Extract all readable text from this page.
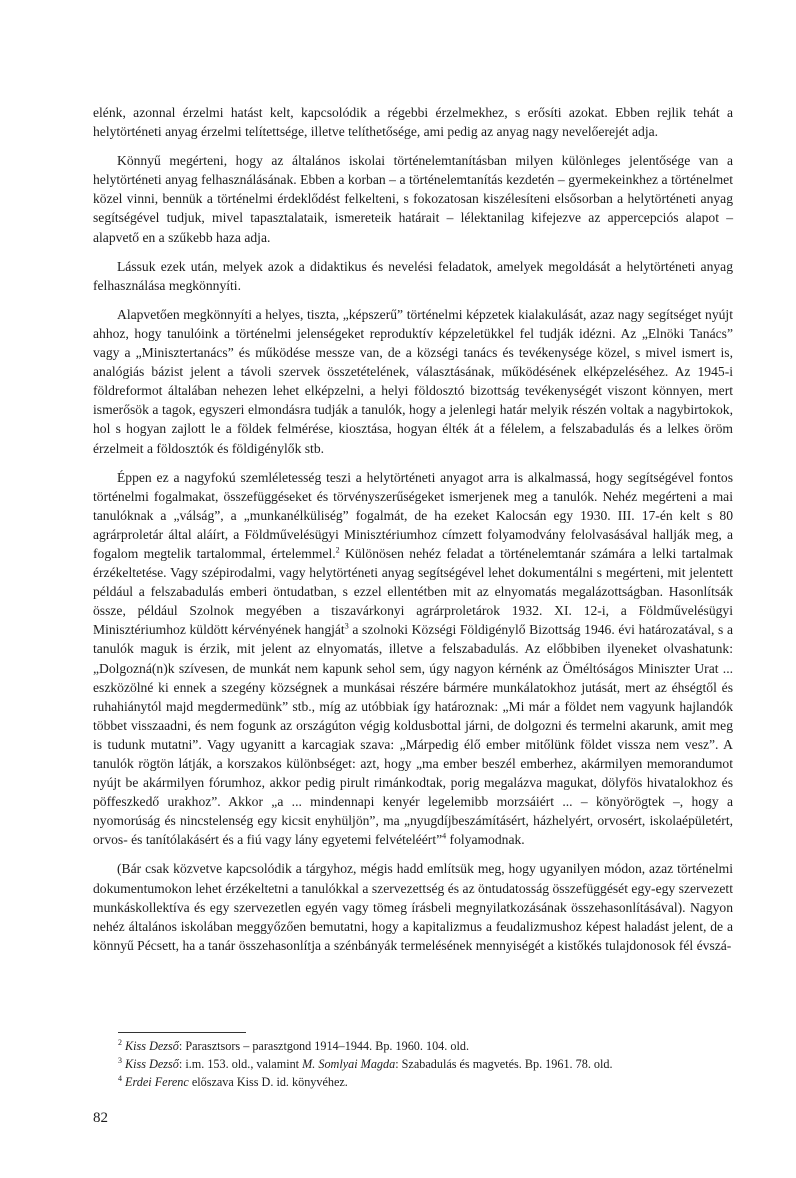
elénk, azonnal érzelmi hatást kelt, kapcsolódik a régebbi érzelmekhez, s erősíti azokat. Ebben rejlik tehát a helytörténeti anyag érzelmi telítettsége, illetve telíthetősége, ami pedig az anyag nagy nevelőerejét adja.

Könnyű megérteni, hogy az általános iskolai történelemtanításban milyen különleges jelentősége van a helytörténeti anyag felhasználásának. Ebben a korban – a történelemtanítás kezdetén – gyermekeinkhez a történelmet közel vinni, bennük a történelmi érdeklődést felkelteni, s fokozatosan kiszélesíteni elsősorban a helytörténeti anyag segítségével tudjuk, mivel tapasztalataik, ismereteik határait – lélektanilag kifejezve az appercepciós alapot – alapvető en a szűkebb haza adja.

Lássuk ezek után, melyek azok a didaktikus és nevelési feladatok, amelyek megoldását a helytörténeti anyag felhasználása megkönnyíti.

Alapvetően megkönnyíti a helyes, tiszta, „képszerű” történelmi képzetek kialakulását, azaz nagy segítséget nyújt ahhoz, hogy tanulóink a történelmi jelenségeket reproduktív képzeletükkel fel tudják idézni. Az „Elnöki Tanács” vagy a „Minisztertanács” és működése messze van, de a községi tanács és tevékenysége közel, s mivel ismert is, analógiás bázist jelent a távoli szervek összetételének, választásának, működésének elképzeléséhez. Az 1945-i földreformot általában nehezen lehet elképzelni, a helyi földosztó bizottság tevékenységét viszont könnyen, mert ismerősök a tagok, egyszeri elmondásra tudják a tanulók, hogy a jelenlegi határ melyik részén voltak a nagybirtokok, hol s hogyan zajlott le a földek felmérése, kiosztása, hogyan élték át a félelem, a felszabadulás és a lelkes öröm érzelmeit a földosztók és földigénylők stb.

Éppen ez a nagyfokú szemléletesség teszi a helytörténeti anyagot arra is alkalmassá, hogy segítségével fontos történelmi fogalmakat, összefüggéseket és törvényszerűségeket ismerjenek meg a tanulók. Nehéz megérteni a mai tanulóknak a „válság”, a „munkanélküliség” fogalmát, de ha ezeket Kalocsán egy 1930. III. 17-én kelt s 80 agrárproletár által aláírt, a Földművelésügyi Minisztériumhoz címzett folyamodvány felolvasásával hallják meg, a fogalom megtelik tartalommal, értelemmel.$^2$ Különösen nehéz feladat a történelemtanár számára a lelki tartalmak érzékeltetése. Vagy szépirodalmi, vagy helytörténeti anyag segítségével lehet dokumentálni s megérteni, mit jelentett például a felszabadulás emberi öntudatban, s ezzel ellentétben mit az elnyomatás megalázottságban. Hasonlítsák össze, például Szolnok megyében a tiszavárkonyi agrárproletárok 1932. XI. 12-i, a Földművelésügyi Minisztériumhoz küldött kérvényének hangját$^3$ a szolnoki Községi Földigénylő Bizottság 1946. évi határozatával, s a tanulók maguk is érzik, mit jelent az elnyomatás, illetve a felszabadulás. Az előbbiben ilyeneket olvashatunk: „Dolgozná(n)k szívesen, de munkát nem kapunk sehol sem, úgy nagyon kérnénk az Öméltóságos Miniszter Urat ... eszközölné ki ennek a szegény községnek a munkásai részére bármére munkálatokhoz jutását, mert az éhségtől és ruhahiánytól majd megdermedünk” stb., míg az utóbbiak így határoznak: „Mi már a földet nem vagyunk hajlandók többet visszaadni, és nem fogunk az országúton végig koldusbottal járni, de dolgozni és termelni akarunk, amit meg is tudunk mutatni”. Vagy ugyanitt a karcagiak szava: „Márpedig élő ember mitőlünk földet vissza nem vesz”. A tanulók rögtön látják, a korszakos különbséget: azt, hogy „ma ember beszél emberhez, akármilyen memorandumot nyújt be akármilyen fórumhoz, akkor pedig pirult rimánkodtak, porig megalázva magukat, dölyfös hivatalokhoz és pöffeszkedő urakhoz”. Akkor „a ... mindennapi kenyér legelemibb morzsáiért ... – könyörögtek –, hogy a nyomorúság és nincstelenség egy kicsit enyhüljön”, ma „nyugdíjbeszámításért, házhelyért, orvosért, iskolaépületért, orvos- és tanítólakásért és a fiú vagy lány egyetemi felvételéért”$^4$ folyamodnak.

(Bár csak közvetve kapcsolódik a tárgyhoz, mégis hadd említsük meg, hogy ugyanilyen módon, azaz történelmi dokumentumokon lehet érzékeltetni a tanulókkal a szervezettség és az öntudatosság összefüggését egy-egy szervezett munkáskollektíva és egy szervezetlen egyén vagy tömeg írásbeli megnyilatkozásának összehasonlításával). Nagyon nehéz általános iskolában meggyőzően bemutatni, hogy a kapitalizmus a feudalizmushoz képest haladást jelent, de a könnyű Pécsett, ha a tanár összehasonlítja a szénbányák termelésének mennyiségét a kistőkés tulajdonosok fél évszá-

$^2$ Kiss Dezső: Parasztsors – parasztgond 1914–1944. Bp. 1960. 104. old.

$^3$ Kiss Dezső: i.m. 153. old., valamint M. Somlyai Magda: Szabadulás és magvetés. Bp. 1961. 78. old.

$^4$ Erdei Ferenc előszava Kiss D. id. könyvéhez.

82
